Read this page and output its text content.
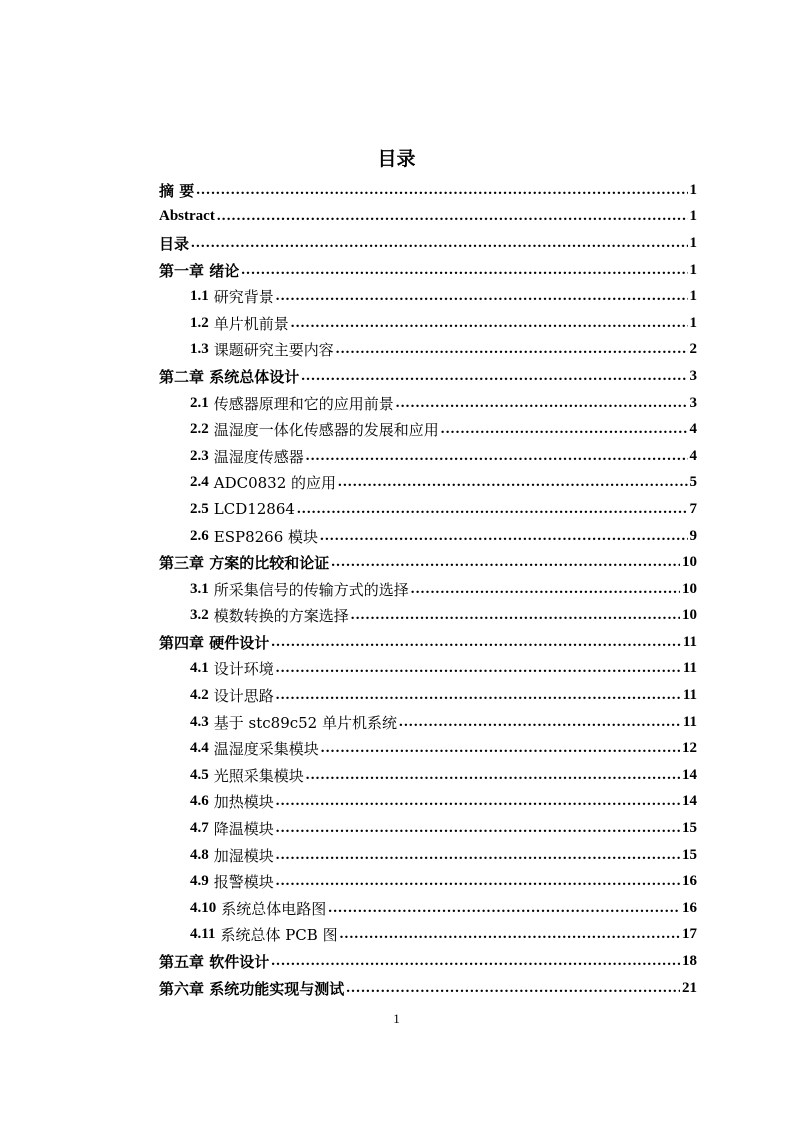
目录
摘 要 .....	1
Abstract .....	1
目录 .....	1
第一章 绪论 .....	1
1.1 研究背景 .....	1
1.2 单片机前景 .....	1
1.3 课题研究主要内容 .....	2
第二章 系统总体设计 .....	3
2.1 传感器原理和它的应用前景 .....	3
2.2 温湿度一体化传感器的发展和应用 .....	4
2.3 温湿度传感器 .....	4
2.4 ADC0832 的应用 .....	5
2.5 LCD12864 .....	7
2.6 ESP8266 模块 .....	9
第三章 方案的比较和论证 .....	10
3.1 所采集信号的传输方式的选择 .....	10
3.2 模数转换的方案选择 .....	10
第四章 硬件设计 .....	11
4.1 设计环境 .....	11
4.2 设计思路 .....	11
4.3 基于 stc89c52 单片机系统 .....	11
4.4 温湿度采集模块 .....	12
4.5 光照采集模块 .....	14
4.6 加热模块 .....	14
4.7 降温模块 .....	15
4.8 加湿模块 .....	15
4.9 报警模块 .....	16
4.10 系统总体电路图 .....	16
4.11 系统总体 PCB 图 .....	17
第五章 软件设计 .....	18
第六章 系统功能实现与测试 .....	21
1
